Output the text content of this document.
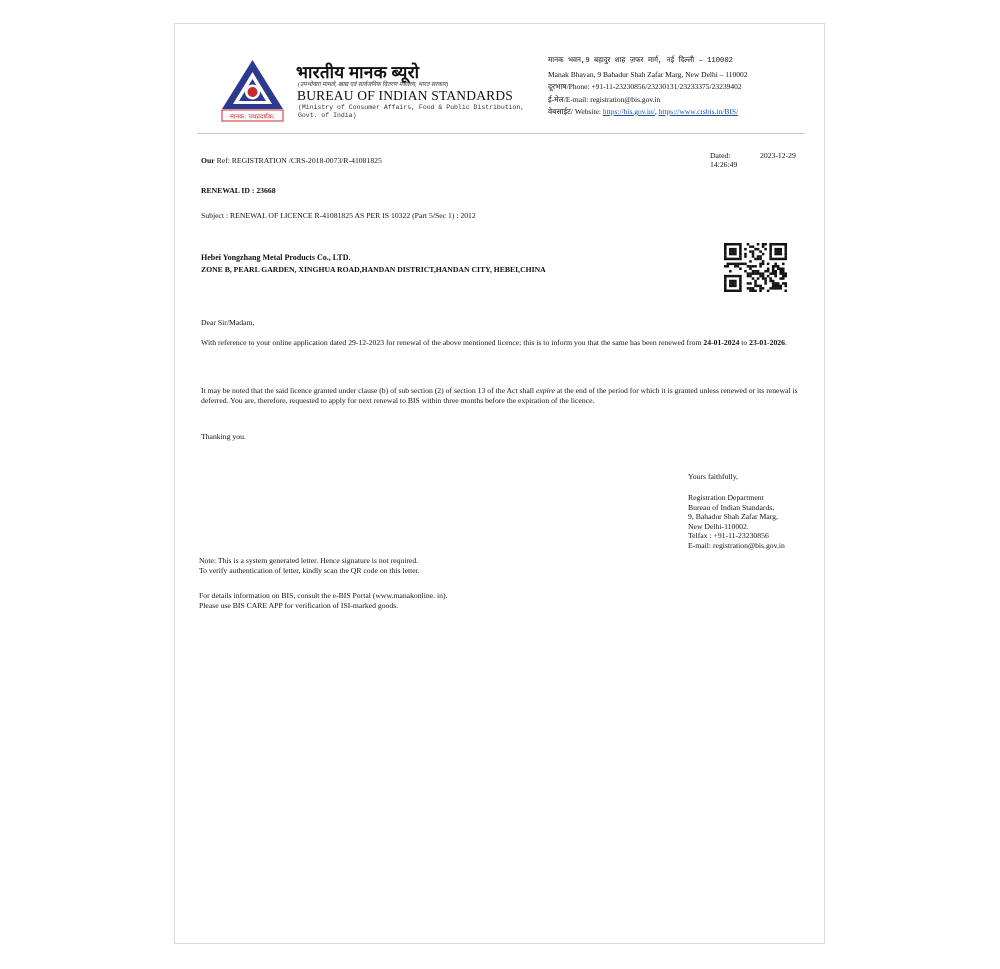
मानक: पथप्रदर्शक:
भारतीय मानक ब्यूरो
(उपभोक्ता मामले, खाद्य एवं सार्वजनिक वितरण मंत्रालय, भारत सरकार)
BUREAU OF INDIAN STANDARDS
(Ministry of Consumer Affairs, Food & Public Distribution,
Govt. of India)
मानक भवन,9 बहादुर शाह ज़फर मार्ग, नई दिल्ली – 110002
Manak Bhavan, 9 Bahadur Shah Zafar Marg, New Delhi – 110002
दूरभाष/Phone: +91-11-23230856/23230131/23233375/23239402
ई-मेल/E-mail: registration@bis.gov.in
वेबसाईट/ Website: https://bis.gov.in/, https://www.crsbis.in/BIS/
Our Ref: REGISTRATION /CRS-2018-0073/R-41081825
Dated:
14:26:49
2023-12-29
RENEWAL ID : 23668
Subject : RENEWAL OF LICENCE R-41081825 AS PER IS 10322 (Part 5/Sec 1) : 2012
Hebei Yongzhang Metal Products Co., LTD.
ZONE B, PEARL GARDEN, XINGHUA ROAD,HANDAN DISTRICT,HANDAN CITY, HEBEI,CHINA
Dear Sir/Madam,
With reference to your online application dated 29-12-2023 for renewal of the above mentioned licence; this is to inform you that the same has been renewed from 24-01-2024 to 23-01-2026.
It may be noted that the said licence granted under clause (b) of sub section (2) of section 13 of the Act shall expire at the end of the period for which it is granted unless renewed or its renewal is deferred. You are, therefore, requested to apply for next renewal to BIS within three months before the expiration of the licence.
Thanking you.
Yours faithfully,
Registration Department
Bureau of Indian Standards,
9, Bahadur Shah Zafar Marg,
New Delhi-110002.
Telfax : +91-11-23230856
E-mail: registration@bis.gov.in
Note: This is a system generated letter. Hence signature is not required.
To verify authentication of letter, kindly scan the QR code on this letter.
For details information on BIS, consult the e-BIS Portal (www.manakonline. in).
Please use BIS CARE APP for verification of ISI-marked goods.
